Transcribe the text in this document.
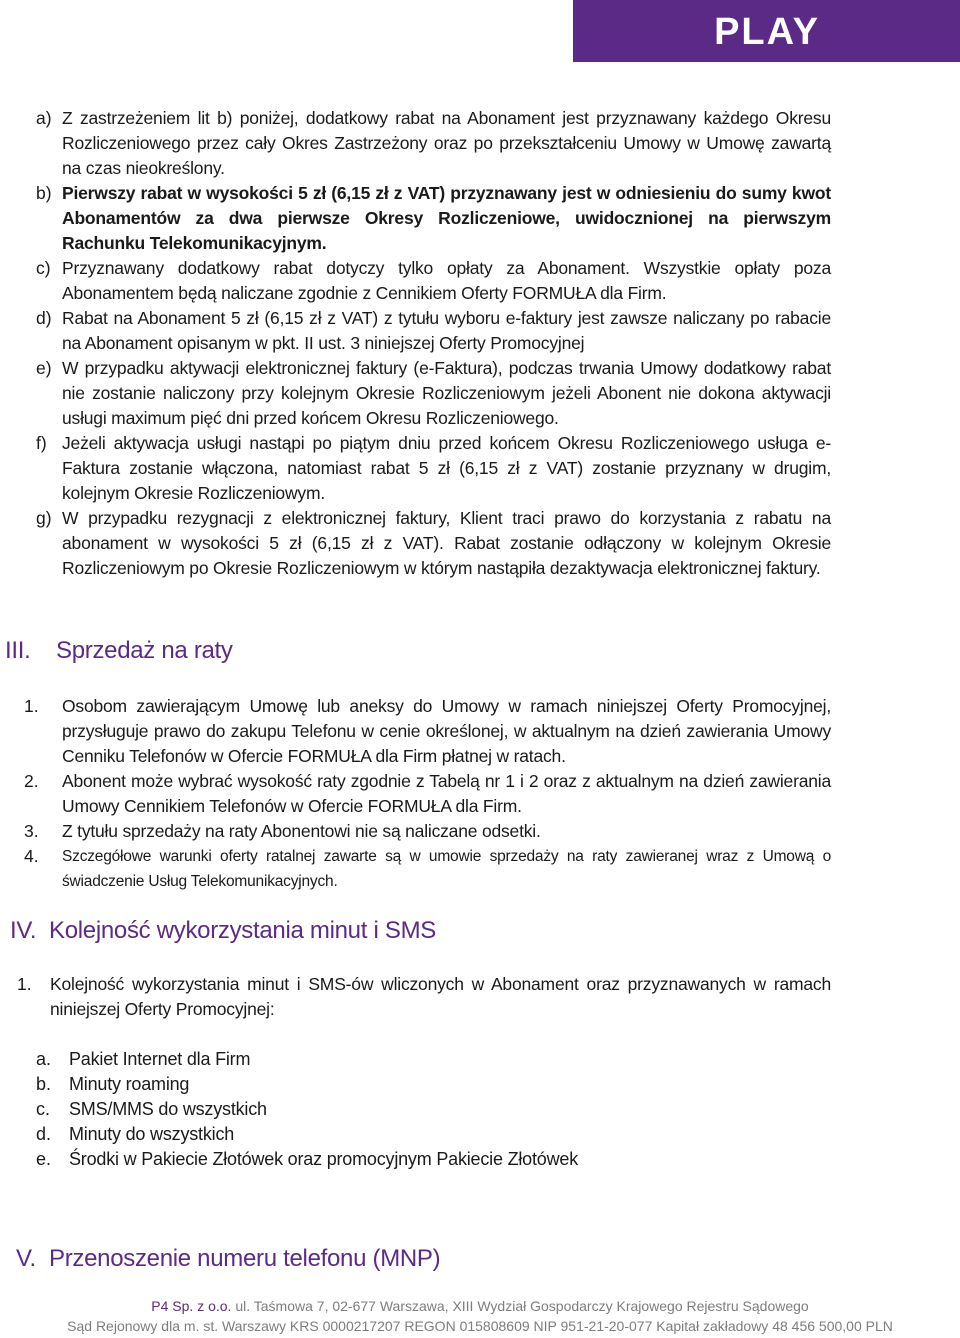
PLAY
a) Z zastrzeżeniem lit b) poniżej, dodatkowy rabat na Abonament jest przyznawany każdego Okresu Rozliczeniowego przez cały Okres Zastrzeżony oraz po przekształceniu Umowy w Umowę zawartą na czas nieokreślony.
b) Pierwszy rabat w wysokości 5 zł (6,15 zł z VAT) przyznawany jest w odniesieniu do sumy kwot Abonamentów za dwa pierwsze Okresy Rozliczeniowe, uwidocznionej na pierwszym Rachunku Telekomunikacyjnym.
c) Przyznawany dodatkowy rabat dotyczy tylko opłaty za Abonament. Wszystkie opłaty poza Abonamentem będą naliczane zgodnie z Cennikiem Oferty FORMUŁA dla Firm.
d) Rabat na Abonament 5 zł (6,15 zł z VAT) z tytułu wyboru e-faktury jest zawsze naliczany po rabacie na Abonament opisanym w pkt. II ust. 3 niniejszej Oferty Promocyjnej
e) W przypadku aktywacji elektronicznej faktury (e-Faktura), podczas trwania Umowy dodatkowy rabat nie zostanie naliczony przy kolejnym Okresie Rozliczeniowym jeżeli Abonent nie dokona aktywacji usługi maximum pięć dni przed końcem Okresu Rozliczeniowego.
f) Jeżeli aktywacja usługi nastąpi po piątym dniu przed końcem Okresu Rozliczeniowego usługa e-Faktura zostanie włączona, natomiast rabat 5 zł (6,15 zł z VAT) zostanie przyznany w drugim, kolejnym Okresie Rozliczeniowym.
g) W przypadku rezygnacji z elektronicznej faktury, Klient traci prawo do korzystania z rabatu na abonament w wysokości 5 zł (6,15 zł z VAT). Rabat zostanie odłączony w kolejnym Okresie Rozliczeniowym po Okresie Rozliczeniowym w którym nastąpiła dezaktywacja elektronicznej faktury.
III. Sprzedaż na raty
1. Osobom zawierającym Umowę lub aneksy do Umowy w ramach niniejszej Oferty Promocyjnej, przysługuje prawo do zakupu Telefonu w cenie określonej, w aktualnym na dzień zawierania Umowy Cenniku Telefonów w Ofercie FORMUŁA dla Firm płatnej w ratach.
2. Abonent może wybrać wysokość raty zgodnie z Tabelą nr 1 i 2 oraz z aktualnym na dzień zawierania Umowy Cennikiem Telefonów w Ofercie FORMUŁA dla Firm.
3. Z tytułu sprzedaży na raty Abonentowi nie są naliczane odsetki.
4. Szczegółowe warunki oferty ratalnej zawarte są w umowie sprzedaży na raty zawieranej wraz z Umową o świadczenie Usług Telekomunikacyjnych.
IV. Kolejność wykorzystania minut i SMS
1. Kolejność wykorzystania minut i SMS-ów wliczonych w Abonament oraz przyznawanych w ramach niniejszej Oferty Promocyjnej:
a. Pakiet Internet dla Firm
b. Minuty roaming
c. SMS/MMS do wszystkich
d. Minuty do wszystkich
e. Środki w Pakiecie Złotówek oraz promocyjnym Pakiecie Złotówek
V. Przenoszenie numeru telefonu (MNP)

P4 Sp. z o.o. ul. Taśmowa 7, 02-677 Warszawa, XIII Wydział Gospodarczy Krajowego Rejestru Sądowego

Sąd Rejonowy dla m. st. Warszawy KRS 0000217207 REGON 015808609 NIP 951-21-20-077 Kapitał zakładowy 48 456 500,00 PLN
